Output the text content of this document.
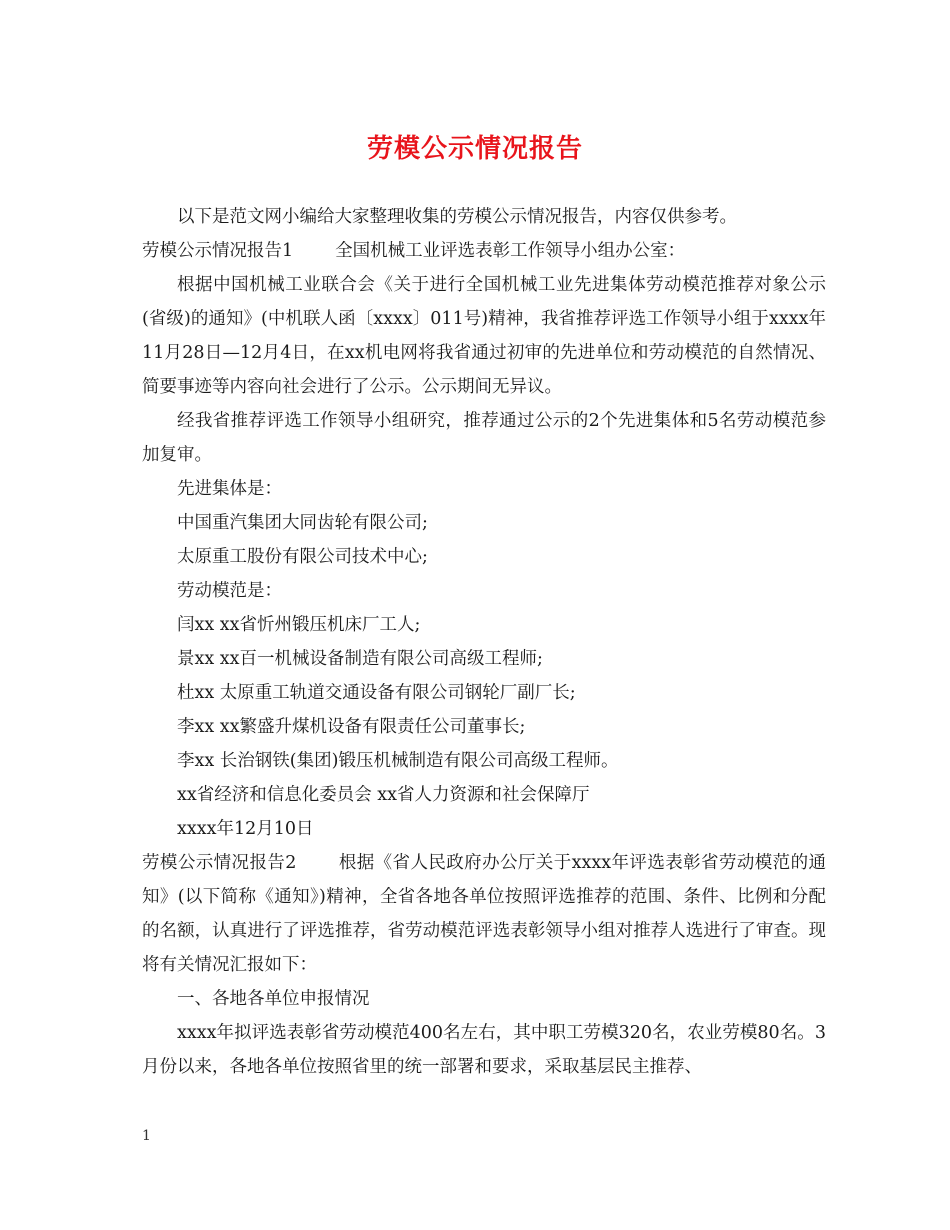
劳模公示情况报告

以下是范文网小编给大家整理收集的劳模公示情况报告，内容仅供参考。

劳模公示情况报告1 全国机械工业评选表彰工作领导小组办公室：

根据中国机械工业联合会《关于进行全国机械工业先进集体劳动模范推荐对象公示(省级)的通知》(中机联人函〔xxxx〕011号)精神，我省推荐评选工作领导小组于xxxx年11月28日—12月4日，在xx机电网将我省通过初审的先进单位和劳动模范的自然情况、简要事迹等内容向社会进行了公示。公示期间无异议。

经我省推荐评选工作领导小组研究，推荐通过公示的2个先进集体和5名劳动模范参加复审。

先进集体是：

中国重汽集团大同齿轮有限公司;

太原重工股份有限公司技术中心;

劳动模范是：

闫xx xx省忻州锻压机床厂工人;

景xx xx百一机械设备制造有限公司高级工程师;

杜xx 太原重工轨道交通设备有限公司钢轮厂副厂长;

李xx xx繁盛升煤机设备有限责任公司董事长;

李xx 长治钢铁(集团)锻压机械制造有限公司高级工程师。

xx省经济和信息化委员会 xx省人力资源和社会保障厅

xxxx年12月10日

劳模公示情况报告2 根据《省人民政府办公厅关于xxxx年评选表彰省劳动模范的通知》(以下简称《通知》)精神，全省各地各单位按照评选推荐的范围、条件、比例和分配的名额，认真进行了评选推荐，省劳动模范评选表彰领导小组对推荐人选进行了审查。现将有关情况汇报如下：

一、各地各单位申报情况

xxxx年拟评选表彰省劳动模范400名左右，其中职工劳模320名，农业劳模80名。3月份以来，各地各单位按照省里的统一部署和要求，采取基层民主推荐、

1
